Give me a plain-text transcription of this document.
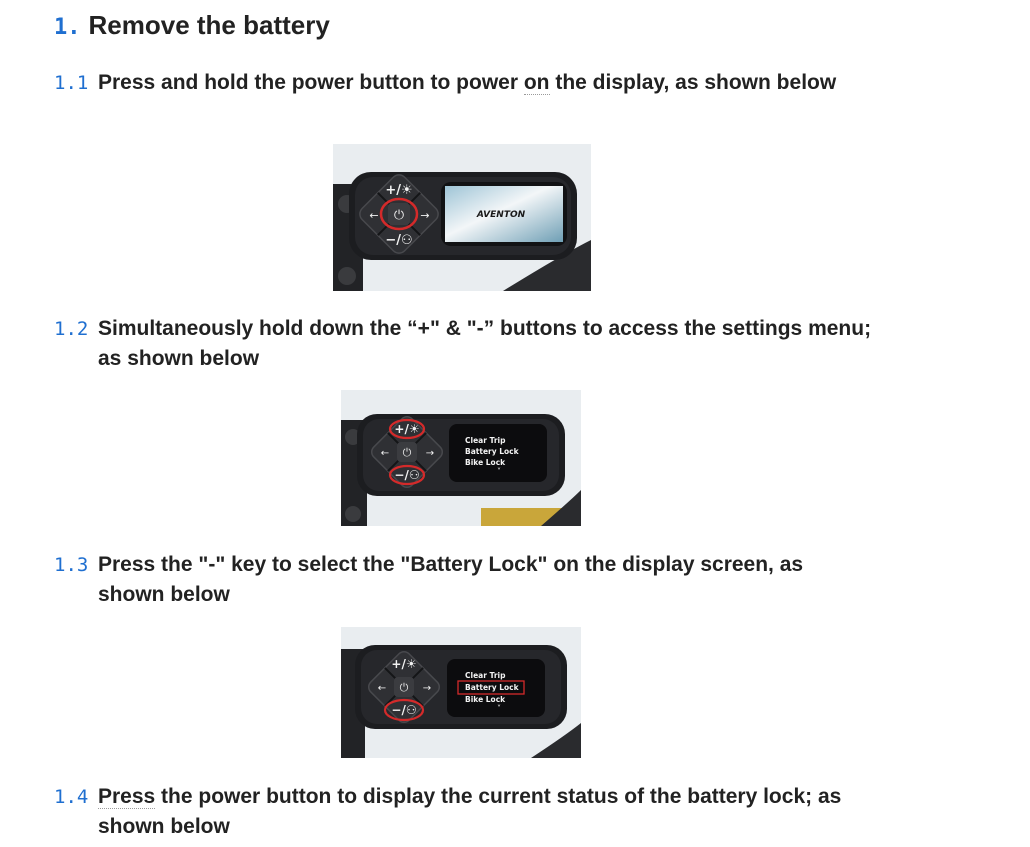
1. Remove the battery
1.1 Press and hold the power button to power on the display, as shown below
⏻
+/☀
−/⚇
←	→	AVENTON
1.2 Simultaneously hold down the “+" & "-” buttons to access the settings menu; as shown below
⏻
+/☀
−/⚇
←	→
Clear Trip
Battery Lock
Bike Lock
˅
1.3 Press the "-" key to select the "Battery Lock" on the display screen, as shown below
⏻
+/☀
−/⚇
←	→
Clear Trip
Battery Lock
Bike Lock
˅
1.4 Press the power button to display the current status of the battery lock; as shown below
